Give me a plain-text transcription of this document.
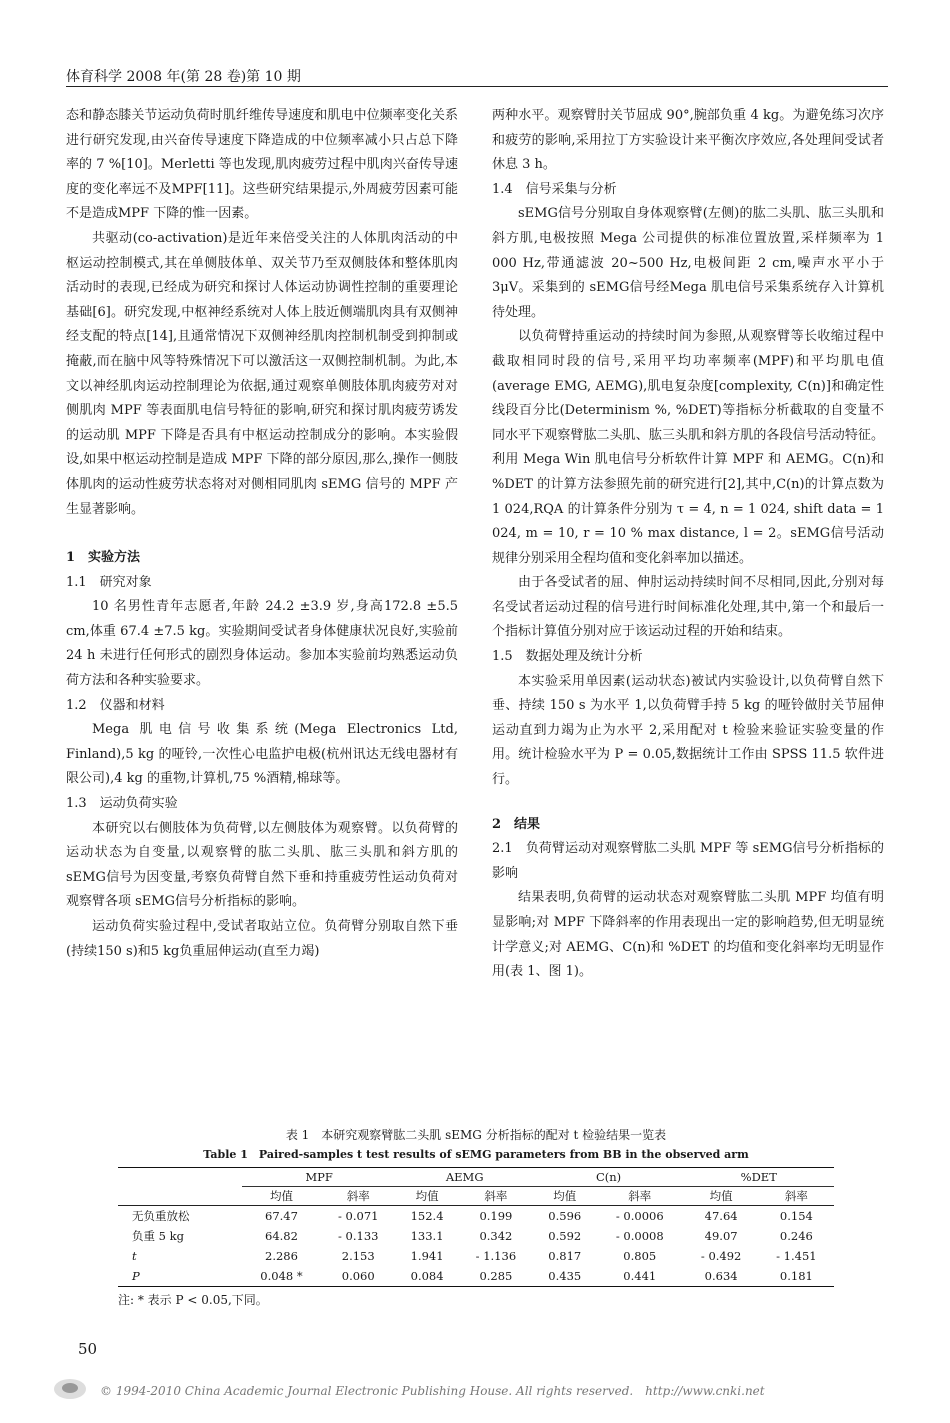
体育科学 2008 年(第 28 卷)第 10 期

态和静态膝关节运动负荷时肌纤维传导速度和肌电中位频率变化关系进行研究发现,由兴奋传导速度下降造成的中位频率减小只占总下降率的 7 %[10]。Merletti 等也发现,肌肉疲劳过程中肌肉兴奋传导速度的变化率远不及MPF[11]。这些研究结果提示,外周疲劳因素可能不是造成MPF 下降的惟一因素。

共驱动(co-activation)是近年来倍受关注的人体肌肉活动的中枢运动控制模式,其在单侧肢体单、双关节乃至双侧肢体和整体肌肉活动时的表现,已经成为研究和探讨人体运动协调性控制的重要理论基础[6]。研究发现,中枢神经系统对人体上肢近侧端肌肉具有双侧神经支配的特点[14],且通常情况下双侧神经肌肉控制机制受到抑制或掩蔽,而在脑中风等特殊情况下可以激活这一双侧控制机制。为此,本文以神经肌肉运动控制理论为依据,通过观察单侧肢体肌肉疲劳对对侧肌肉 MPF 等表面肌电信号特征的影响,研究和探讨肌肉疲劳诱发的运动肌 MPF 下降是否具有中枢运动控制成分的影响。本实验假设,如果中枢运动控制是造成 MPF 下降的部分原因,那么,操作一侧肢体肌肉的运动性疲劳状态将对对侧相同肌肉 sEMG 信号的 MPF 产生显著影响。

1　实验方法
1.1　研究对象

10 名男性青年志愿者,年龄 24.2 ±3.9 岁,身高172.8 ±5.5 cm,体重 67.4 ±7.5 kg。实验期间受试者身体健康状况良好,实验前 24 h 未进行任何形式的剧烈身体运动。参加本实验前均熟悉运动负荷方法和各种实验要求。

1.2　仪器和材料

Mega 肌电信号收集系统(Mega Electronics Ltd, Finland),5 kg 的哑铃,一次性心电监护电极(杭州讯达无线电器材有限公司),4 kg 的重物,计算机,75 %酒精,棉球等。

1.3　运动负荷实验

本研究以右侧肢体为负荷臂,以左侧肢体为观察臂。以负荷臂的运动状态为自变量,以观察臂的肱二头肌、肱三头肌和斜方肌的 sEMG信号为因变量,考察负荷臂自然下垂和持重疲劳性运动负荷对观察臂各项 sEMG信号分析指标的影响。

运动负荷实验过程中,受试者取站立位。负荷臂分别取自然下垂(持续150 s)和5 kg负重屈伸运动(直至力竭)

两种水平。观察臂肘关节屈成 90°,腕部负重 4 kg。为避免练习次序和疲劳的影响,采用拉丁方实验设计来平衡次序效应,各处理间受试者休息 3 h。

1.4　信号采集与分析

sEMG信号分别取自身体观察臂(左侧)的肱二头肌、肱三头肌和斜方肌,电极按照 Mega 公司提供的标准位置放置,采样频率为 1 000 Hz,带通滤波 20~500 Hz,电极间距 2 cm,噪声水平小于 3μV。采集到的 sEMG信号经Mega 肌电信号采集系统存入计算机待处理。

以负荷臂持重运动的持续时间为参照,从观察臂等长收缩过程中截取相同时段的信号,采用平均功率频率(MPF)和平均肌电值(average EMG, AEMG),肌电复杂度[complexity, C(n)]和确定性线段百分比(Determinism %, %DET)等指标分析截取的自变量不同水平下观察臂肱二头肌、肱三头肌和斜方肌的各段信号活动特征。利用 Mega Win 肌电信号分析软件计算 MPF 和 AEMG。C(n)和 %DET 的计算方法参照先前的研究进行[2],其中,C(n)的计算点数为 1 024,RQA 的计算条件分别为 τ = 4, n = 1 024, shift data = 1 024, m = 10, r = 10 % max distance, l = 2。sEMG信号活动规律分别采用全程均值和变化斜率加以描述。

由于各受试者的屈、伸肘运动持续时间不尽相同,因此,分别对每名受试者运动过程的信号进行时间标准化处理,其中,第一个和最后一个指标计算值分别对应于该运动过程的开始和结束。

1.5　数据处理及统计分析

本实验采用单因素(运动状态)被试内实验设计,以负荷臂自然下垂、持续 150 s 为水平 1,以负荷臂手持 5 kg 的哑铃做肘关节屈伸运动直到力竭为止为水平 2,采用配对 t 检验来验证实验变量的作用。统计检验水平为 P = 0.05,数据统计工作由 SPSS 11.5 软件进行。

2　结果
2.1　负荷臂运动对观察臂肱二头肌 MPF 等 sEMG信号分析指标的影响

结果表明,负荷臂的运动状态对观察臂肱二头肌 MPF 均值有明显影响;对 MPF 下降斜率的作用表现出一定的影响趋势,但无明显统计学意义;对 AEMG、C(n)和 %DET 的均值和变化斜率均无明显作用(表 1、图 1)。

表 1　本研究观察臂肱二头肌 sEMG 分析指标的配对 t 检验结果一览表
Table 1　Paired-samples t test results of sEMG parameters from BB in the observed arm
	MPF		AEMG		C(n)		%DET	
	均值	斜率	均值	斜率	均值	斜率	均值	斜率
无负重放松	67.47	- 0.071	152.4	0.199	0.596	- 0.0006	47.64	0.154
负重 5 kg	64.82	- 0.133	133.1	0.342	0.592	- 0.0008	49.07	0.246
t	2.286	2.153	1.941	- 1.136	0.817	0.805	- 0.492	- 1.451
P	0.048 *	0.060	0.084	0.285	0.435	0.441	0.634	0.181
注: * 表示 P < 0.05,下同。
50
© 1994-2010 China Academic Journal Electronic Publishing House. All rights reserved.　http://www.cnki.net
